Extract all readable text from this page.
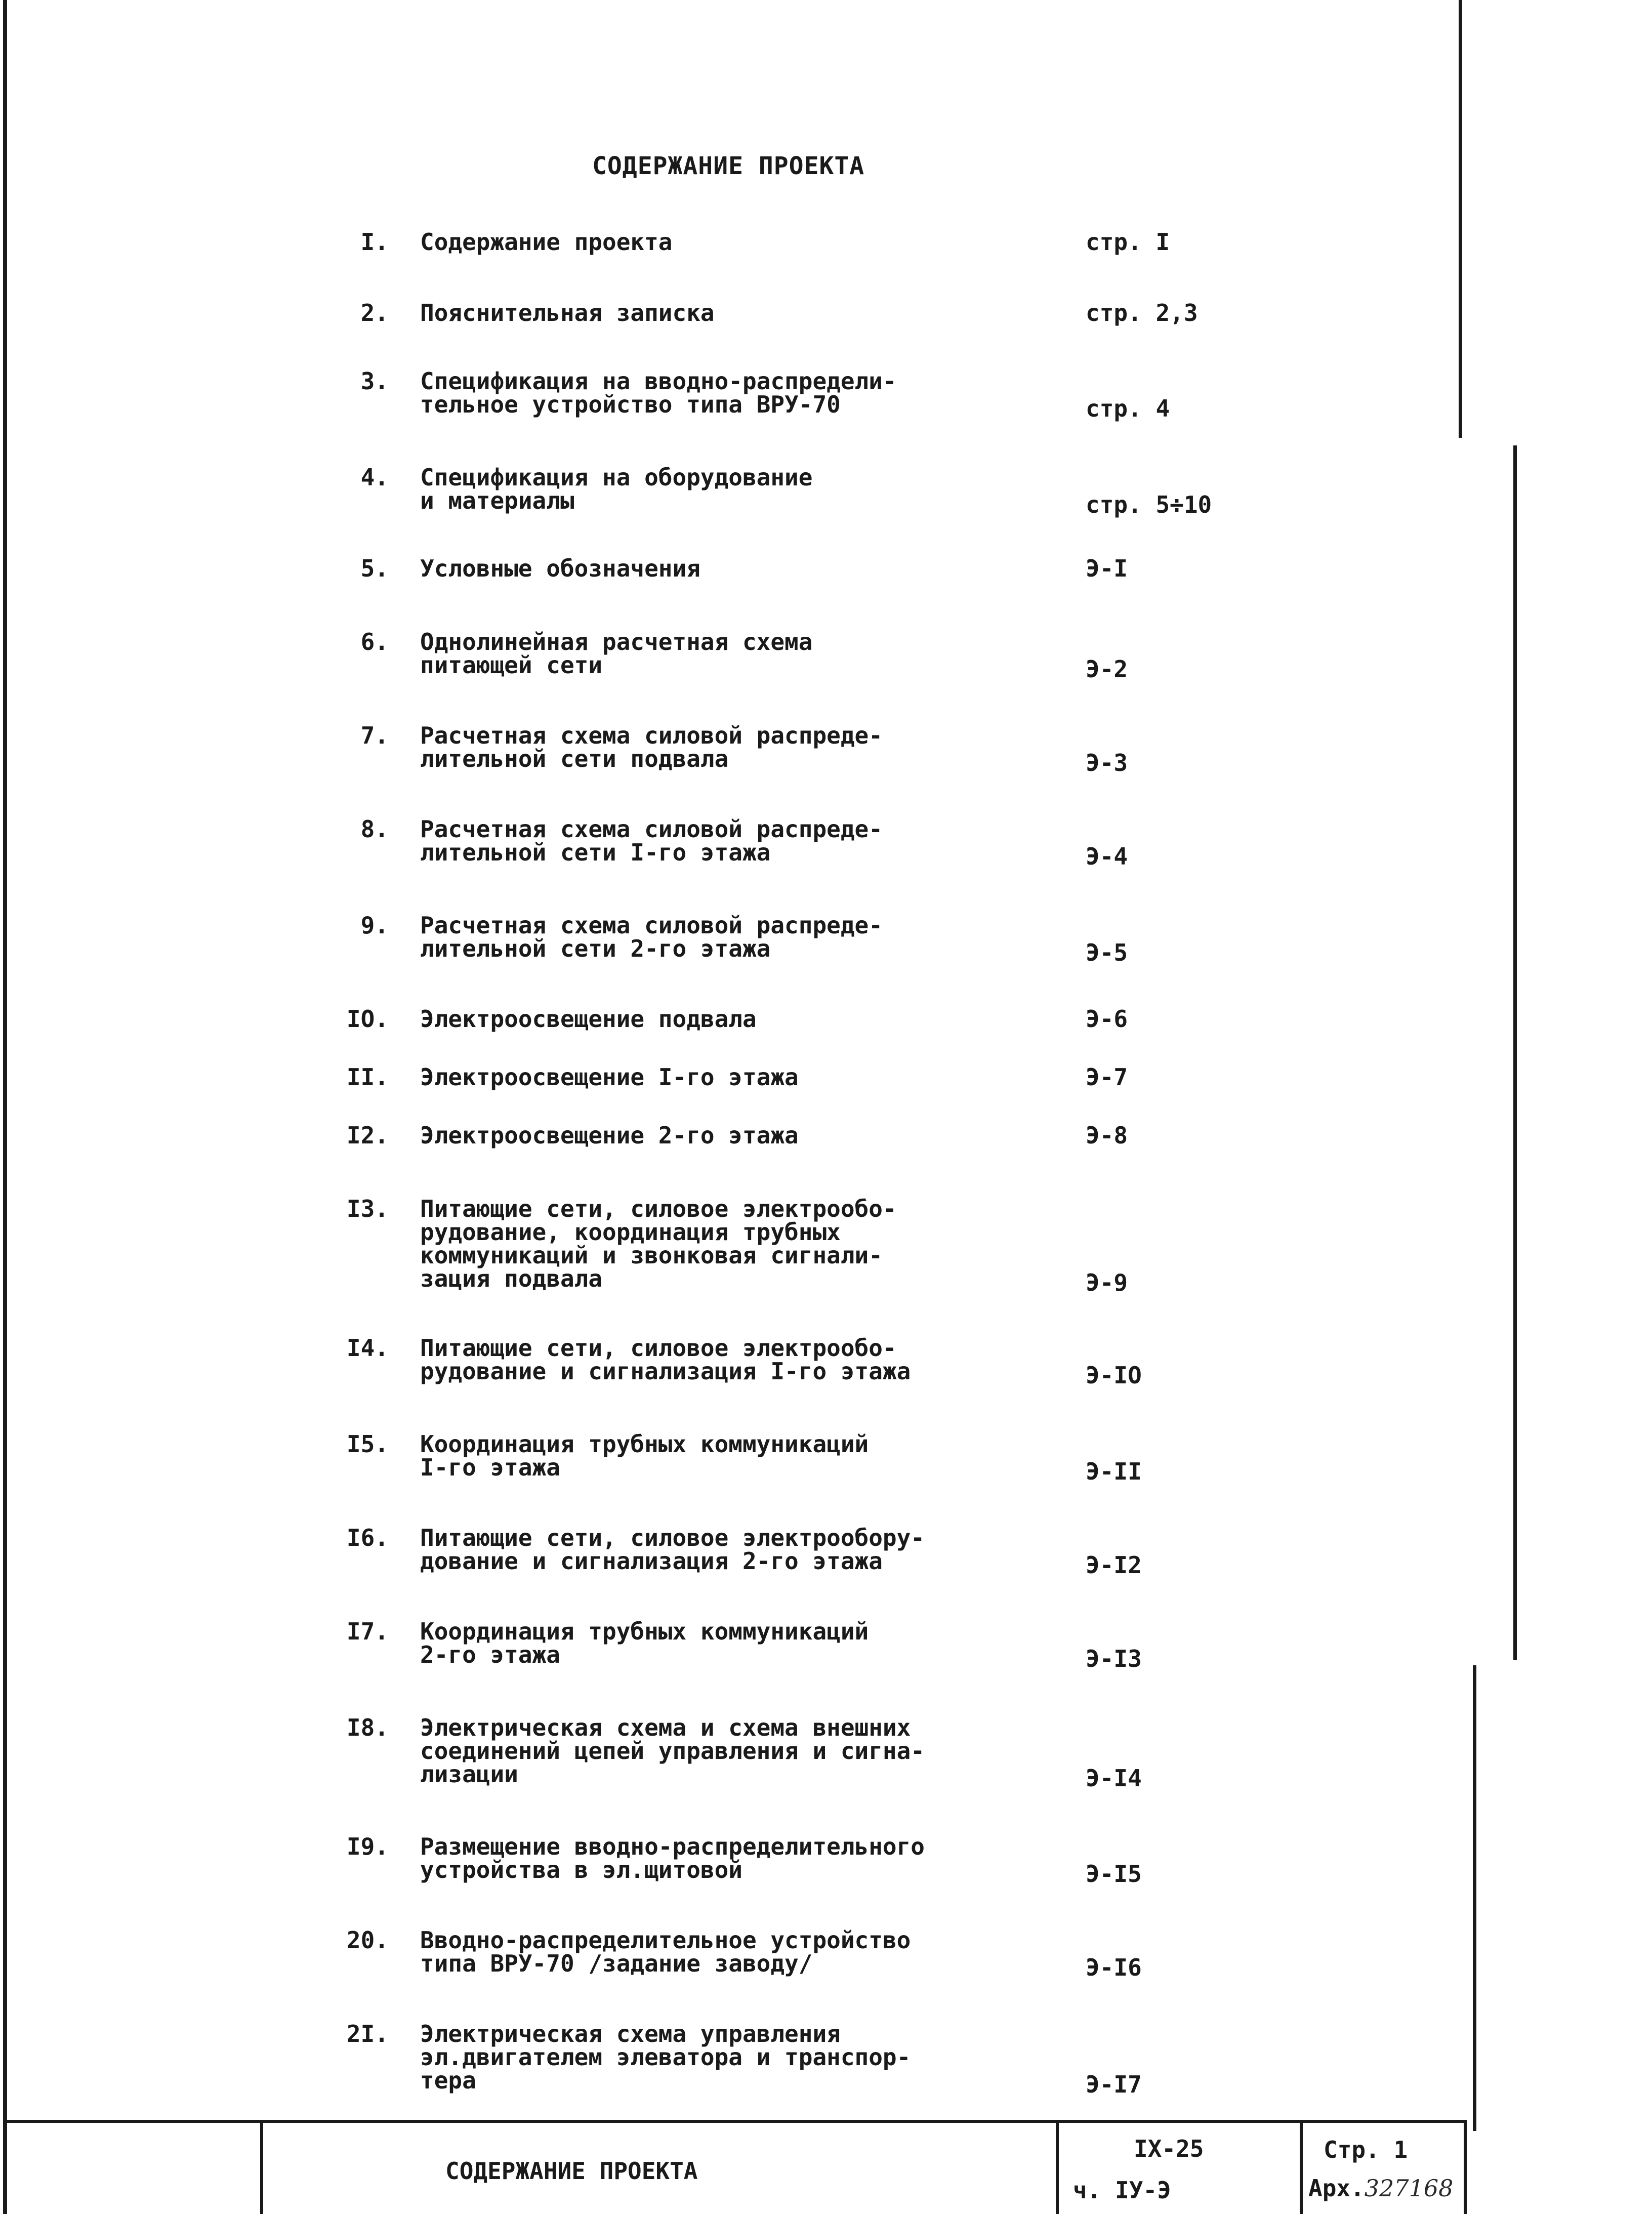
СОДЕРЖАНИЕ ПРОЕКТА
I. Содержание проекта	стр. I
2. Пояснительная записка	стр. 2,3
3. Спецификация на вводно-распредели-
тельное устройство типа ВРУ-70	стр. 4
4. Спецификация на оборудование
и материалы	стр. 5÷10
5. Условные обозначения	Э-I
6. Однолинейная расчетная схема
питающей сети	Э-2
7. Расчетная схема силовой распреде-
лительной сети подвала	Э-3
8. Расчетная схема силовой распреде-
лительной сети I-го этажа	Э-4
9. Расчетная схема силовой распреде-
лительной сети 2-го этажа	Э-5
IO. Электроосвещение подвала	Э-6
II. Электроосвещение I-го этажа	Э-7
I2. Электроосвещение 2-го этажа	Э-8
I3. Питающие сети, силовое электрообо-
рудование, координация трубных
коммуникаций и звонковая сигнали-
зация подвала	Э-9
I4. Питающие сети, силовое электрообо-
рудование и сигнализация I-го этажа	Э-IO
I5. Координация трубных коммуникаций
I-го этажа	Э-II
I6. Питающие сети, силовое электрообору-
дование и сигнализация 2-го этажа	Э-I2
I7. Координация трубных коммуникаций
2-го этажа	Э-I3
I8. Электрическая схема и схема внешних
соединений цепей управления и сигна-
лизации	Э-I4
I9. Размещение вводно-распределительного
устройства в эл.щитовой	Э-I5
20. Вводно-распределительное устройство
типа ВРУ-70 /задание заводу/	Э-I6
2I. Электрическая схема управления
эл.двигателем элеватора и транспор-
тера	Э-I7
СОДЕРЖАНИЕ ПРОЕКТА
IX-25
ч. IУ-Э
Стр. 1
Арх.327168
